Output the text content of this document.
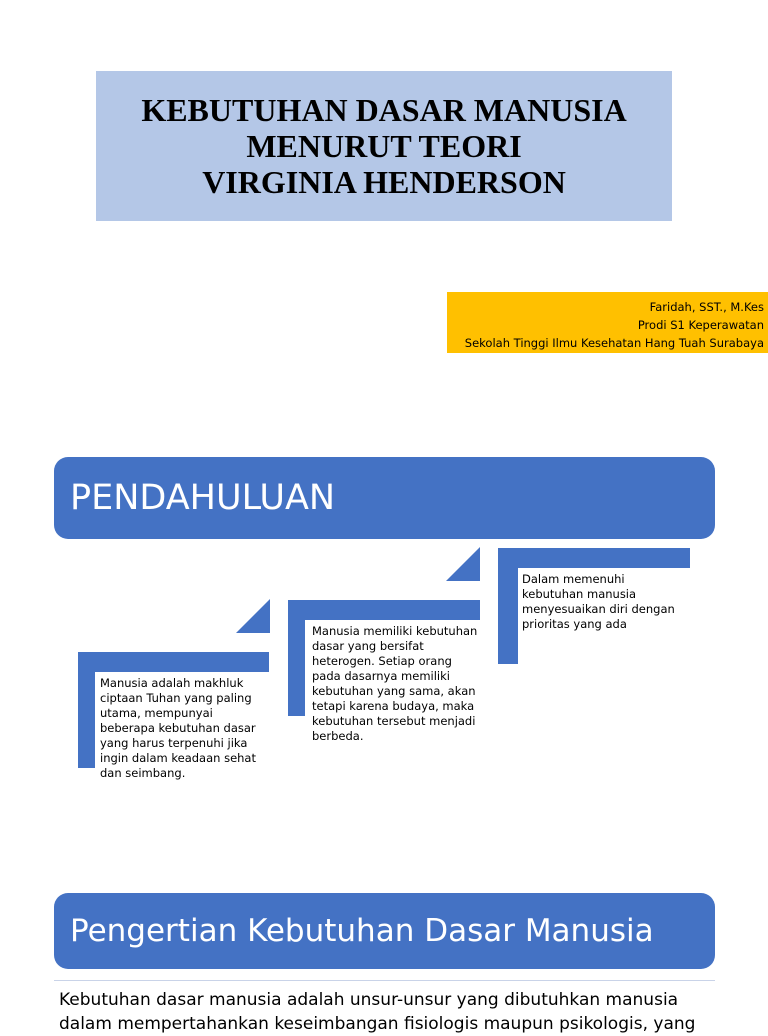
KEBUTUHAN DASAR MANUSIA
MENURUT TEORI
VIRGINIA HENDERSON
Faridah, SST., M.Kes
Prodi S1 Keperawatan
Sekolah Tinggi Ilmu Kesehatan Hang Tuah Surabaya
PENDAHULUAN
Manusia adalah makhluk ciptaan Tuhan yang paling utama, mempunyai beberapa kebutuhan dasar yang harus terpenuhi jika ingin dalam keadaan sehat dan seimbang.
Manusia memiliki kebutuhan dasar yang bersifat heterogen. Setiap orang pada dasarnya memiliki kebutuhan yang sama, akan tetapi karena budaya, maka kebutuhan tersebut menjadi berbeda.
Dalam memenuhi kebutuhan manusia menyesuaikan diri dengan prioritas yang ada
Pengertian Kebutuhan Dasar Manusia
Kebutuhan dasar manusia adalah unsur-unsur yang dibutuhkan manusia dalam mempertahankan keseimbangan fisiologis maupun psikologis, yang
